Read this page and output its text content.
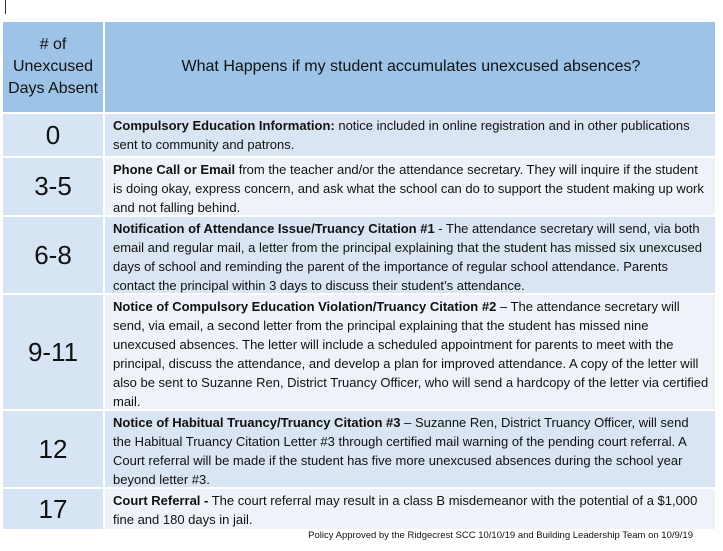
# of Unexcused Days Absent
What Happens if my student accumulates unexcused absences?
0	Compulsory Education Information: notice included in online registration and in other publications sent to community and patrons.
3-5
Phone Call or Email from the teacher and/or the attendance secretary. They will inquire if the student is doing okay, express concern, and ask what the school can do to support the student making up work and not falling behind.
6-8
Notification of Attendance Issue/Truancy Citation #1 - The attendance secretary will send, via both email and regular mail, a letter from the principal explaining that the student has missed six unexcused days of school and reminding the parent of the importance of regular school attendance. Parents contact the principal within 3 days to discuss their student’s attendance.
9-11
Notice of Compulsory Education Violation/Truancy Citation #2 – The attendance secretary will send, via email, a second letter from the principal explaining that the student has missed nine unexcused absences. The letter will include a scheduled appointment for parents to meet with the principal, discuss the attendance, and develop a plan for improved attendance. A copy of the letter will also be sent to Suzanne Ren, District Truancy Officer, who will send a hardcopy of the letter via certified mail.
12
Notice of Habitual Truancy/Truancy Citation #3 – Suzanne Ren, District Truancy Officer, will send the Habitual Truancy Citation Letter #3 through certified mail warning of the pending court referral. A Court referral will be made if the student has five more unexcused absences during the school year beyond letter #3.
17	Court Referral - The court referral may result in a class B misdemeanor with the potential of a $1,000 fine and 180 days in jail.
Policy Approved by the Ridgecrest SCC 10/10/19 and Building Leadership Team on 10/9/19
